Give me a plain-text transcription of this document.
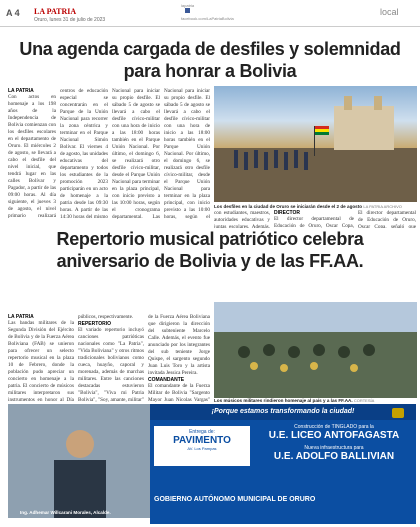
A 4 LA PATRIA
Oruro, lunes 31 de julio de 2023
lapatria
facebook.com/LaPatriaBolivia
local
Una agenda cargada de desfiles y solemnidad para honrar a Bolivia
LA PATRIA
Con actos en homenaje a los 198 años de la Independencia de Bolivia comienzan con los desfiles escolares en el departamento de Oruro. El miércoles 2 de agosto, se llevará a cabo el desfile del nivel inicial, que tendrá lugar en las calles Bolívar y Pagador, a partir de las 09:00 horas. Al día siguiente, el jueves 3 de agosto, el nivel primario realizará
centros de educación especial se concentrarán en el Parque de la Unión Nacional para recorrer la zona céntrica y terminar en el Parque Nacional Simón Bolívar. El viernes 4 de agosto, las unidades educativas del departamento y todos los estudiantes de la promoción 2023 participarán en un acto de homenaje a la patria desde las 09:30 horas. A partir de las 14:30 horas del mismo
Nacional para iniciar su propio desfile. El sábado 5 de agosto se llevará a cabo el desfile cívico-militar con una hora de inicio a las 18:00 horas también en el Parque Unión Nacional. Por último, el domingo 6, se realizará otro desfile cívico-militar, desde el Parque Unión Nacional para terminar en la plaza principal, con inicio previsto a las 10:00 horas, según el cronograma departamental. Las
Nacional para iniciar su propio desfile. El sábado 5 de agosto se llevará a cabo el desfile cívico-militar con una hora de inicio a las 18:00 horas también en el Parque Unión Nacional. Por último, el domingo 6, se realizará otro desfile cívico-militar, desde el Parque Unión Nacional para terminar en la plaza principal, con inicio previsto a las 10:00 horas, según el
Los desfiles en la ciudad de Oruro se iniciarán desde el 2 de agosto LA PATRIA ARCHIVO
con estudiantes, maestros, autoridades educativas y juntas escolares. Además,
DIRECTOR
El director departamental de Educación de Oruro, Oscar Copa,
El director departamental de Educación de Oruro, Oscar Copa, señaló que
Repertorio musical patriótico celebra aniversario de Bolivia y de las FF.AA.
LA PATRIA
Las bandas militares de la Segunda División del Ejército de Bolivia y de la Fuerza Aérea Boliviana (FAB) se unieron para ofrecer un selecto repertorio musical en la plaza 10 de Febrero, donde la población pudo apreciar un concierto en homenaje a la patria. El concierto de músicos militares interpretaron sus instrumentos en honor al Día
públicos, respectivamente.
REPERTORIO
El variado repertorio incluyó canciones patrióticas nacionales como "La Patria", "Vida Boliviana" y otros ritmos tradicionales bolivianos como cueca, huayño, caporal y morenada, además de marchas militares. Entre las canciones destacadas estuvieron "Bolivia", "Viva mi Patria Bolivia", "Soy, amante, militar"
de la Fuerza Aérea Boliviana que dirigieron la dirección del subteniente Marcelo Calle. Además, el evento fue anunciado por los integrantes del sub teniente Jorge Quispe, el sargento segundo Juan Luis Toro y la artista invitada Jessica Pereira.
COMANDANTE
El comandante de la Fuerza Militar de Bolivia "Sargento Mayor Juan Nicolas Vargas" Los músicos militares rindieron homenaje al país y a las FF.AA. CORTESÍA
Ing. Adhemar Willcarani Morales, Alcalde.
¡Porque estamos transformando la ciudad!
Entrega de:
PAVIMENTO
AV. Los Pampas
Construcción de TINGLADO para la
U.E. LICEO ANTOFAGASTA
Nueva infraestructura para
U.E. ADOLFO BALLIVIAN
GOBIERNO AUTÓNOMO MUNICIPAL DE ORURO
